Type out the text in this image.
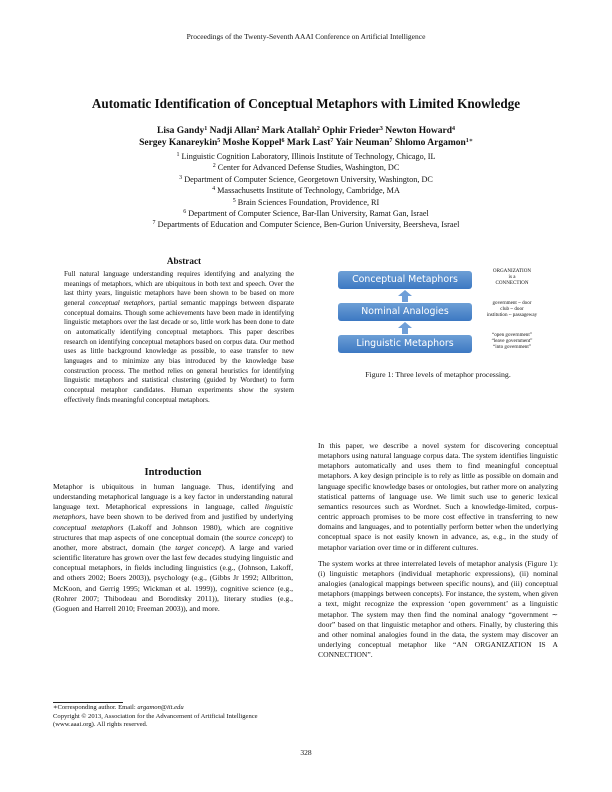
Proceedings of the Twenty-Seventh AAAI Conference on Artificial Intelligence
Automatic Identification of Conceptual Metaphors with Limited Knowledge
Lisa Gandy$^1$ Nadji Allan$^2$ Mark Atallah$^2$ Ophir Frieder$^3$ Newton Howard$^4$
Sergey Kanareykin$^5$ Moshe Koppel$^6$ Mark Last$^7$ Yair Neuman$^7$ Shlomo Argamon$^{1∗}$
$^1$ Linguistic Cognition Laboratory, Illinois Institute of Technology, Chicago, IL
$^2$ Center for Advanced Defense Studies, Washington, DC
$^3$ Department of Computer Science, Georgetown University, Washington, DC
$^4$ Massachusetts Institute of Technology, Cambridge, MA
$^5$ Brain Sciences Foundation, Providence, RI
$^6$ Department of Computer Science, Bar-Ilan University, Ramat Gan, Israel
$^7$ Departments of Education and Computer Science, Ben-Gurion University, Beersheva, Israel
Abstract
Full natural language understanding requires identifying and analyzing the meanings of metaphors, which are ubiquitous in both text and speech. Over the last thirty years, linguistic metaphors have been shown to be based on more general conceptual metaphors, partial semantic mappings between disparate conceptual domains. Though some achievements have been made in identifying linguistic metaphors over the last decade or so, little work has been done to date on automatically identifying conceptual metaphors. This paper describes research on identifying conceptual metaphors based on corpus data. Our method uses as little background knowledge as possible, to ease transfer to new languages and to minimize any bias introduced by the knowledge base construction process. The method relies on general heuristics for identifying linguistic metaphors and statistical clustering (guided by Wordnet) to form conceptual metaphor candidates. Human experiments show the system effectively finds meaningful conceptual metaphors.
Introduction
Metaphor is ubiquitous in human language. Thus, identifying and understanding metaphorical language is a key factor in understanding natural language text. Metaphorical expressions in language, called linguistic metaphors, have been shown to be derived from and justified by underlying conceptual metaphors (Lakoff and Johnson 1980), which are cognitive structures that map aspects of one conceptual domain (the source concept) to another, more abstract, domain (the target concept). A large and varied scientific literature has grown over the last few decades studying linguistic and conceptual metaphors, in fields including linguistics (e.g., (Johnson, Lakoff, and others 2002; Boers 2003)), psychology (e.g., (Gibbs Jr 1992; Allbritton, McKoon, and Gerrig 1995; Wickman et al. 1999)), cognitive science (e.g., (Rohrer 2007; Thibodeau and Boroditsky 2011)), literary studies (e.g., (Goguen and Harrell 2010; Freeman 2003)), and more.
∗Corresponding author. Email: argamon@iit.edu
Copyright © 2013, Association for the Advancement of Artificial Intelligence (www.aaai.org). All rights reserved.
Conceptual Metaphors
Nominal Analogies
Linguistic Metaphors
ORGANIZATION
is a
CONNECTION
government ~ door
club ~ door
institution ~ passageway
“open government”
“leave government”
“into government”
Figure 1: Three levels of metaphor processing.

In this paper, we describe a novel system for discovering conceptual metaphors using natural language corpus data. The system identifies linguistic metaphors automatically and uses them to find meaningful conceptual metaphors. A key design principle is to rely as little as possible on domain and language specific knowledge bases or ontologies, but rather more on analyzing statistical patterns of language use. We limit such use to generic lexical semantics resources such as Wordnet. Such a knowledge-limited, corpus-centric approach promises to be more cost effective in transferring to new domains and languages, and to potentially perform better when the underlying conceptual space is not easily known in advance, as, e.g., in the study of metaphor variation over time or in different cultures.

The system works at three interrelated levels of metaphor analysis (Figure 1): (i) linguistic metaphors (individual metaphoric expressions), (ii) nominal analogies (analogical mappings between specific nouns), and (iii) conceptual metaphors (mappings between concepts). For instance, the system, when given a text, might recognize the expression ‘open government’ as a linguistic metaphor. The system may then find the nominal analogy “government ∼ door” based on that linguistic metaphor and others. Finally, by clustering this and other nominal analogies found in the data, the system may discover an underlying conceptual metaphor like “AN ORGANIZATION IS A CONNECTION”.

328
